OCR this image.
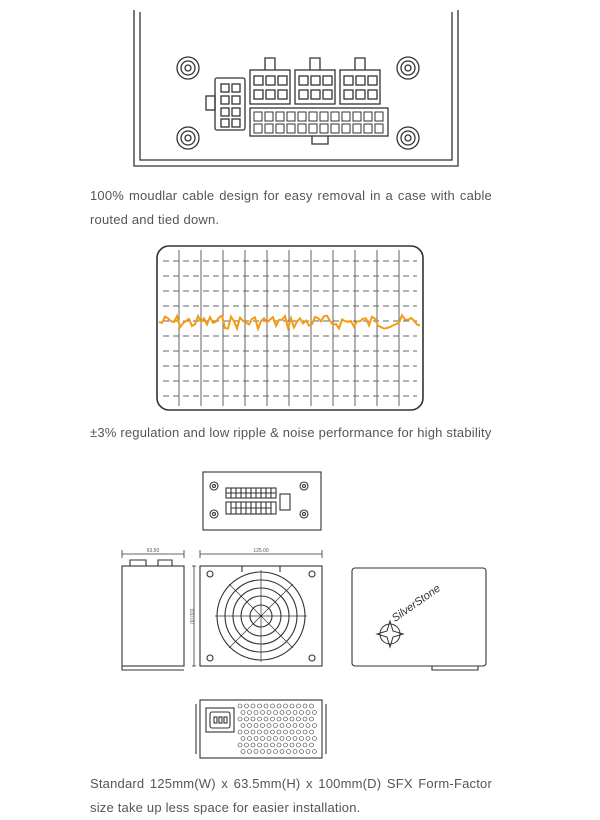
100% moudlar cable design for easy removal in a case with cable routed and tied down.
±3% regulation and low ripple & noise performance for high stability
63.50	125.00
100.00	SilverStone
Standard 125mm(W) x 63.5mm(H) x 100mm(D) SFX Form-Factor size take up less space for easier installation.
